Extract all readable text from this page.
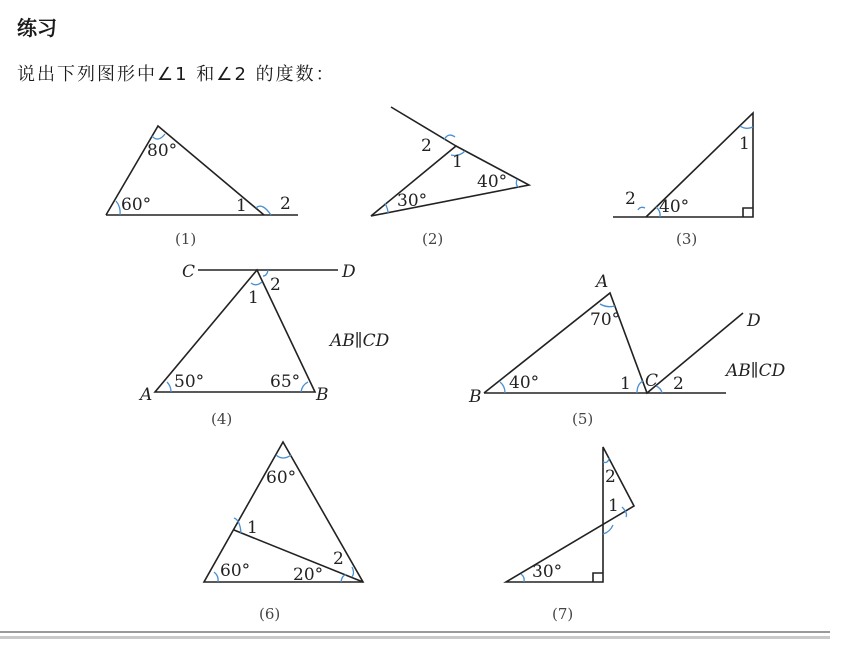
练习
说出下列图形中∠1 和∠2 的度数：
80°
60°	1 2
(1)
2
1
40°
30°
(2)
1
2 40°
(3)
C	D
A	B
1
2
50°	65°
AB∥CD
(4)
A
B
C
D
70°
40°	1 2
AB∥CD
(5)
60°
1
60°	20°
2
(6)
2
1
30°
(7)
